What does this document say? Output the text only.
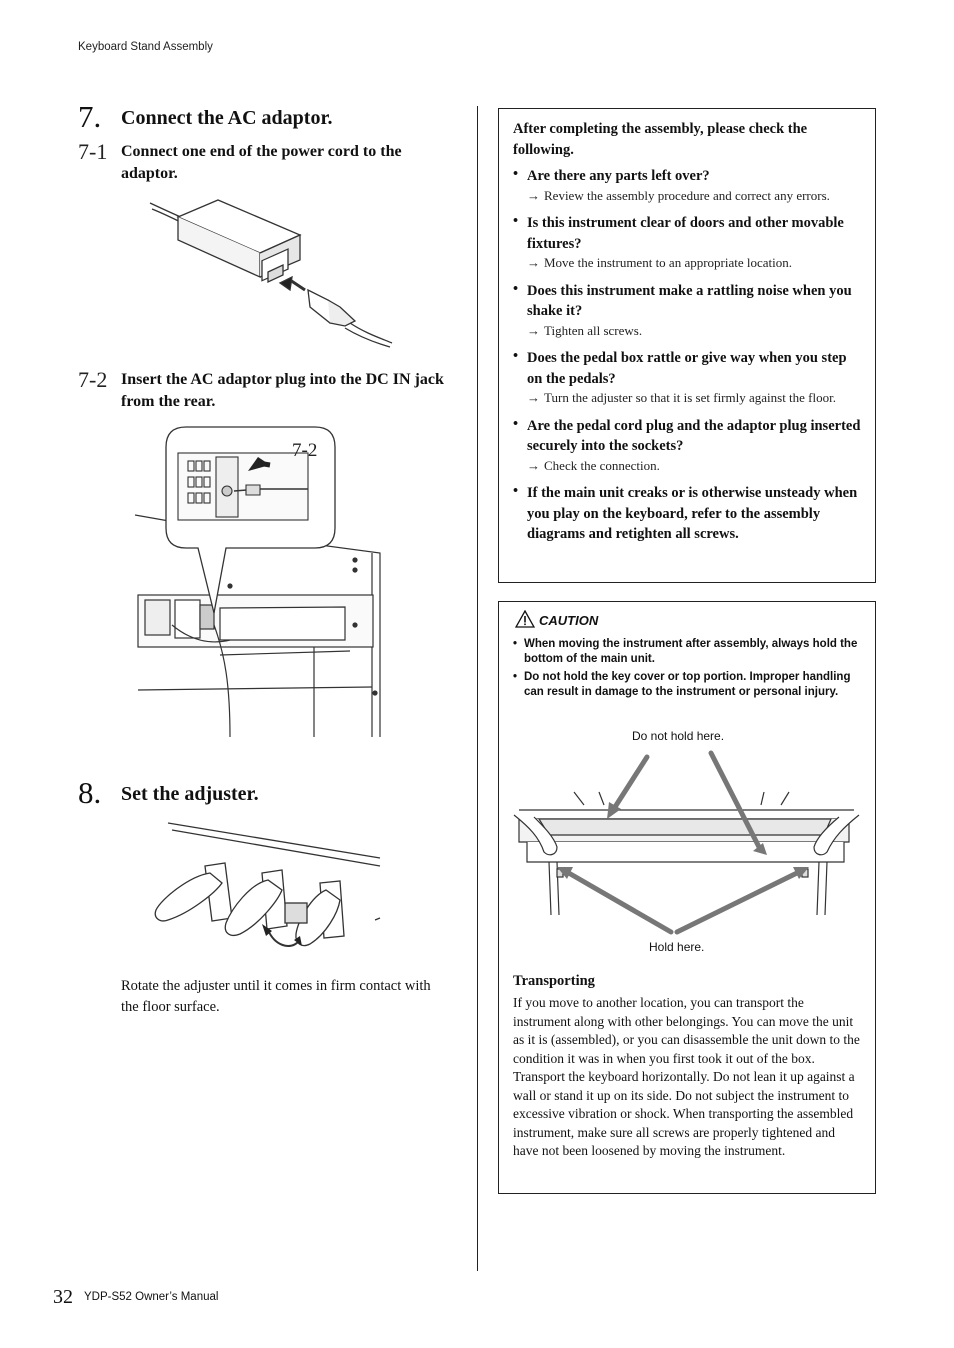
Keyboard Stand Assembly
7. Connect the AC adaptor.
7-1 Connect one end of the power cord to the adaptor.
7-2 Insert the AC adaptor plug into the DC IN jack from the rear.
7-2
8. Set the adjuster.
Rotate the adjuster until it comes in firm contact with the floor surface.
After completing the assembly, please check the following.
• Are there any parts left over?
→ Review the assembly procedure and correct any errors.
• Is this instrument clear of doors and other movable fixtures?
→ Move the instrument to an appropriate location.
• Does this instrument make a rattling noise when you shake it?
→ Tighten all screws.
• Does the pedal box rattle or give way when you step on the pedals?
→ Turn the adjuster so that it is set firmly against the floor.
• Are the pedal cord plug and the adaptor plug inserted securely into the sockets?
→ Check the connection.
• If the main unit creaks or is otherwise unsteady when you play on the keyboard, refer to the assembly diagrams and retighten all screws.
CAUTION
• When moving the instrument after assembly, always hold the bottom of the main unit.
• Do not hold the key cover or top portion. Improper handling can result in damage to the instrument or personal injury.
Do not hold here.
Hold here.
Transporting
If you move to another location, you can transport the instrument along with other belongings. You can move the unit as it is (assembled), or you can disassemble the unit down to the condition it was in when you first took it out of the box. Transport the keyboard horizontally. Do not lean it up against a wall or stand it up on its side. Do not subject the instrument to excessive vibration or shock. When transporting the assembled instrument, make sure all screws are properly tightened and have not been loosened by moving the instrument.
32 YDP-S52 Owner’s Manual
